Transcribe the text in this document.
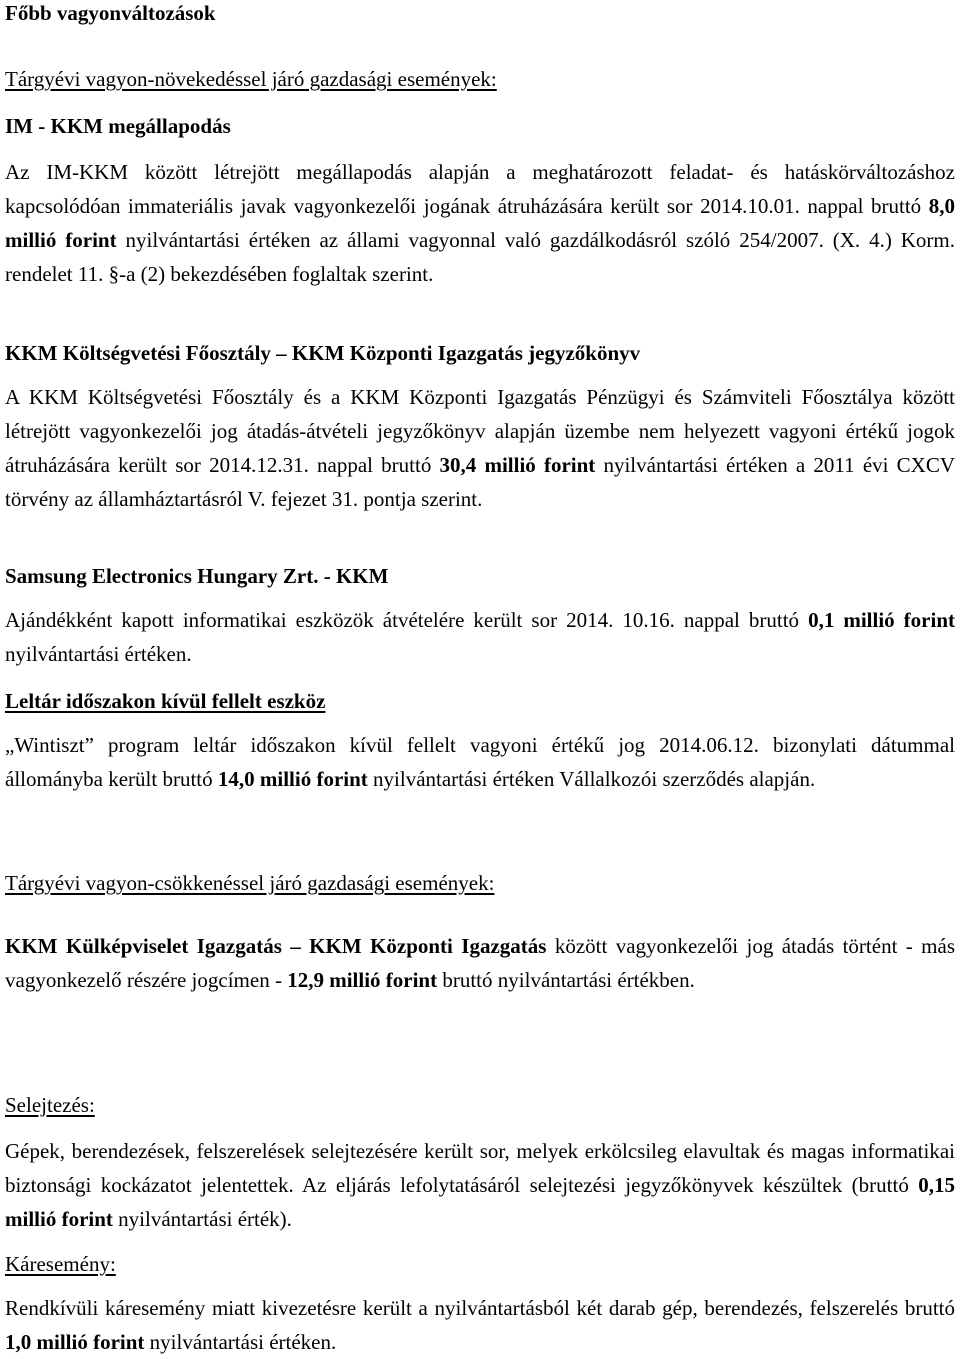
Főbb vagyonváltozások
Tárgyévi vagyon-növekedéssel járó gazdasági események:
IM - KKM megállapodás
Az IM-KKM között létrejött megállapodás alapján a meghatározott feladat- és hatáskörváltozáshoz kapcsolódóan immateriális javak vagyonkezelői jogának átruházására került sor 2014.10.01. nappal bruttó 8,0 millió forint nyilvántartási értéken az állami vagyonnal való gazdálkodásról szóló 254/2007. (X. 4.) Korm. rendelet 11. §-a (2) bekezdésében foglaltak szerint.
KKM Költségvetési Főosztály – KKM Központi Igazgatás jegyzőkönyv
A KKM Költségvetési Főosztály és a KKM Központi Igazgatás Pénzügyi és Számviteli Főosztálya között létrejött vagyonkezelői jog átadás-átvételi jegyzőkönyv alapján üzembe nem helyezett vagyoni értékű jogok átruházására került sor 2014.12.31. nappal bruttó 30,4 millió forint nyilvántartási értéken a 2011 évi CXCV törvény az államháztartásról V. fejezet 31. pontja szerint.
Samsung Electronics Hungary Zrt. - KKM
Ajándékként kapott informatikai eszközök átvételére került sor 2014. 10.16. nappal bruttó 0,1 millió forint nyilvántartási értéken.
Leltár időszakon kívül fellelt eszköz
„Wintiszt” program leltár időszakon kívül fellelt vagyoni értékű jog 2014.06.12. bizonylati dátummal állományba került bruttó 14,0 millió forint nyilvántartási értéken Vállalkozói szerződés alapján.
Tárgyévi vagyon-csökkenéssel járó gazdasági események:
KKM Külképviselet Igazgatás – KKM Központi Igazgatás között vagyonkezelői jog átadás történt - más vagyonkezelő részére jogcímen - 12,9 millió forint bruttó nyilvántartási értékben.
Selejtezés:
Gépek, berendezések, felszerelések selejtezésére került sor, melyek erkölcsileg elavultak és magas informatikai biztonsági kockázatot jelentettek. Az eljárás lefolytatásáról selejtezési jegyzőkönyvek készültek (bruttó 0,15 millió forint nyilvántartási érték).
Káresemény:
Rendkívüli káresemény miatt kivezetésre került a nyilvántartásból két darab gép, berendezés, felszerelés bruttó 1,0 millió forint nyilvántartási értéken.
